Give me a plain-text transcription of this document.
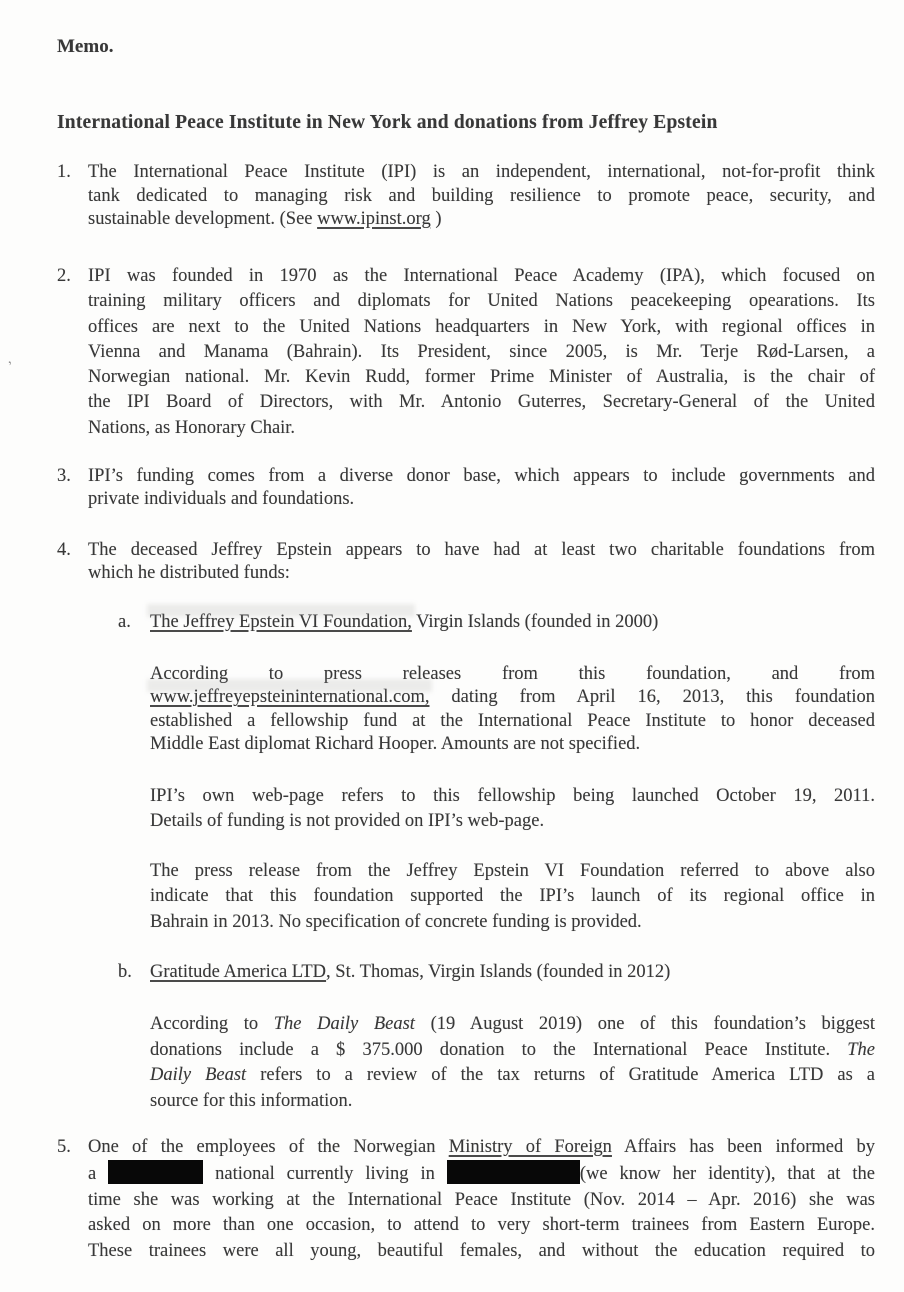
Memo.
International Peace Institute in New York and donations from Jeffrey Epstein
,
1. The International Peace Institute (IPI) is an independent, international, not-for-profit think
tank dedicated to managing risk and building resilience to promote peace, security, and
sustainable development. (See www.ipinst.org )
2. IPI was founded in 1970 as the International Peace Academy (IPA), which focused on
training military officers and diplomats for United Nations peacekeeping opearations. Its
offices are next to the United Nations headquarters in New York, with regional offices in
Vienna and Manama (Bahrain). Its President, since 2005, is Mr. Terje Rød-Larsen, a
Norwegian national. Mr. Kevin Rudd, former Prime Minister of Australia, is the chair of
the IPI Board of Directors, with Mr. Antonio Guterres, Secretary-General of the United
Nations, as Honorary Chair.
3. IPI’s funding comes from a diverse donor base, which appears to include governments and
private individuals and foundations.
4. The deceased Jeffrey Epstein appears to have had at least two charitable foundations from
which he distributed funds:
a. The Jeffrey Epstein VI Foundation, Virgin Islands (founded in 2000)
According to press releases from this foundation, and from
www.jeffreyepsteininternational.com, dating from April 16, 2013, this foundation
established a fellowship fund at the International Peace Institute to honor deceased
Middle East diplomat Richard Hooper. Amounts are not specified.
IPI’s own web-page refers to this fellowship being launched October 19, 2011.
Details of funding is not provided on IPI’s web-page.
The press release from the Jeffrey Epstein VI Foundation referred to above also
indicate that this foundation supported the IPI’s launch of its regional office in
Bahrain in 2013. No specification of concrete funding is provided.
b. Gratitude America LTD, St. Thomas, Virgin Islands (founded in 2012)
According to The Daily Beast (19 August 2019) one of this foundation’s biggest
donations include a $ 375.000 donation to the International Peace Institute. The
Daily Beast refers to a review of the tax returns of Gratitude America LTD as a
source for this information.
5. One of the employees of the Norwegian Ministry of Foreign Affairs has been informed by
a	national currently living in	(we know her identity), that at the
time she was working at the International Peace Institute (Nov. 2014 – Apr. 2016) she was
asked on more than one occasion, to attend to very short-term trainees from Eastern Europe.
These trainees were all young, beautiful females, and without the education required to
